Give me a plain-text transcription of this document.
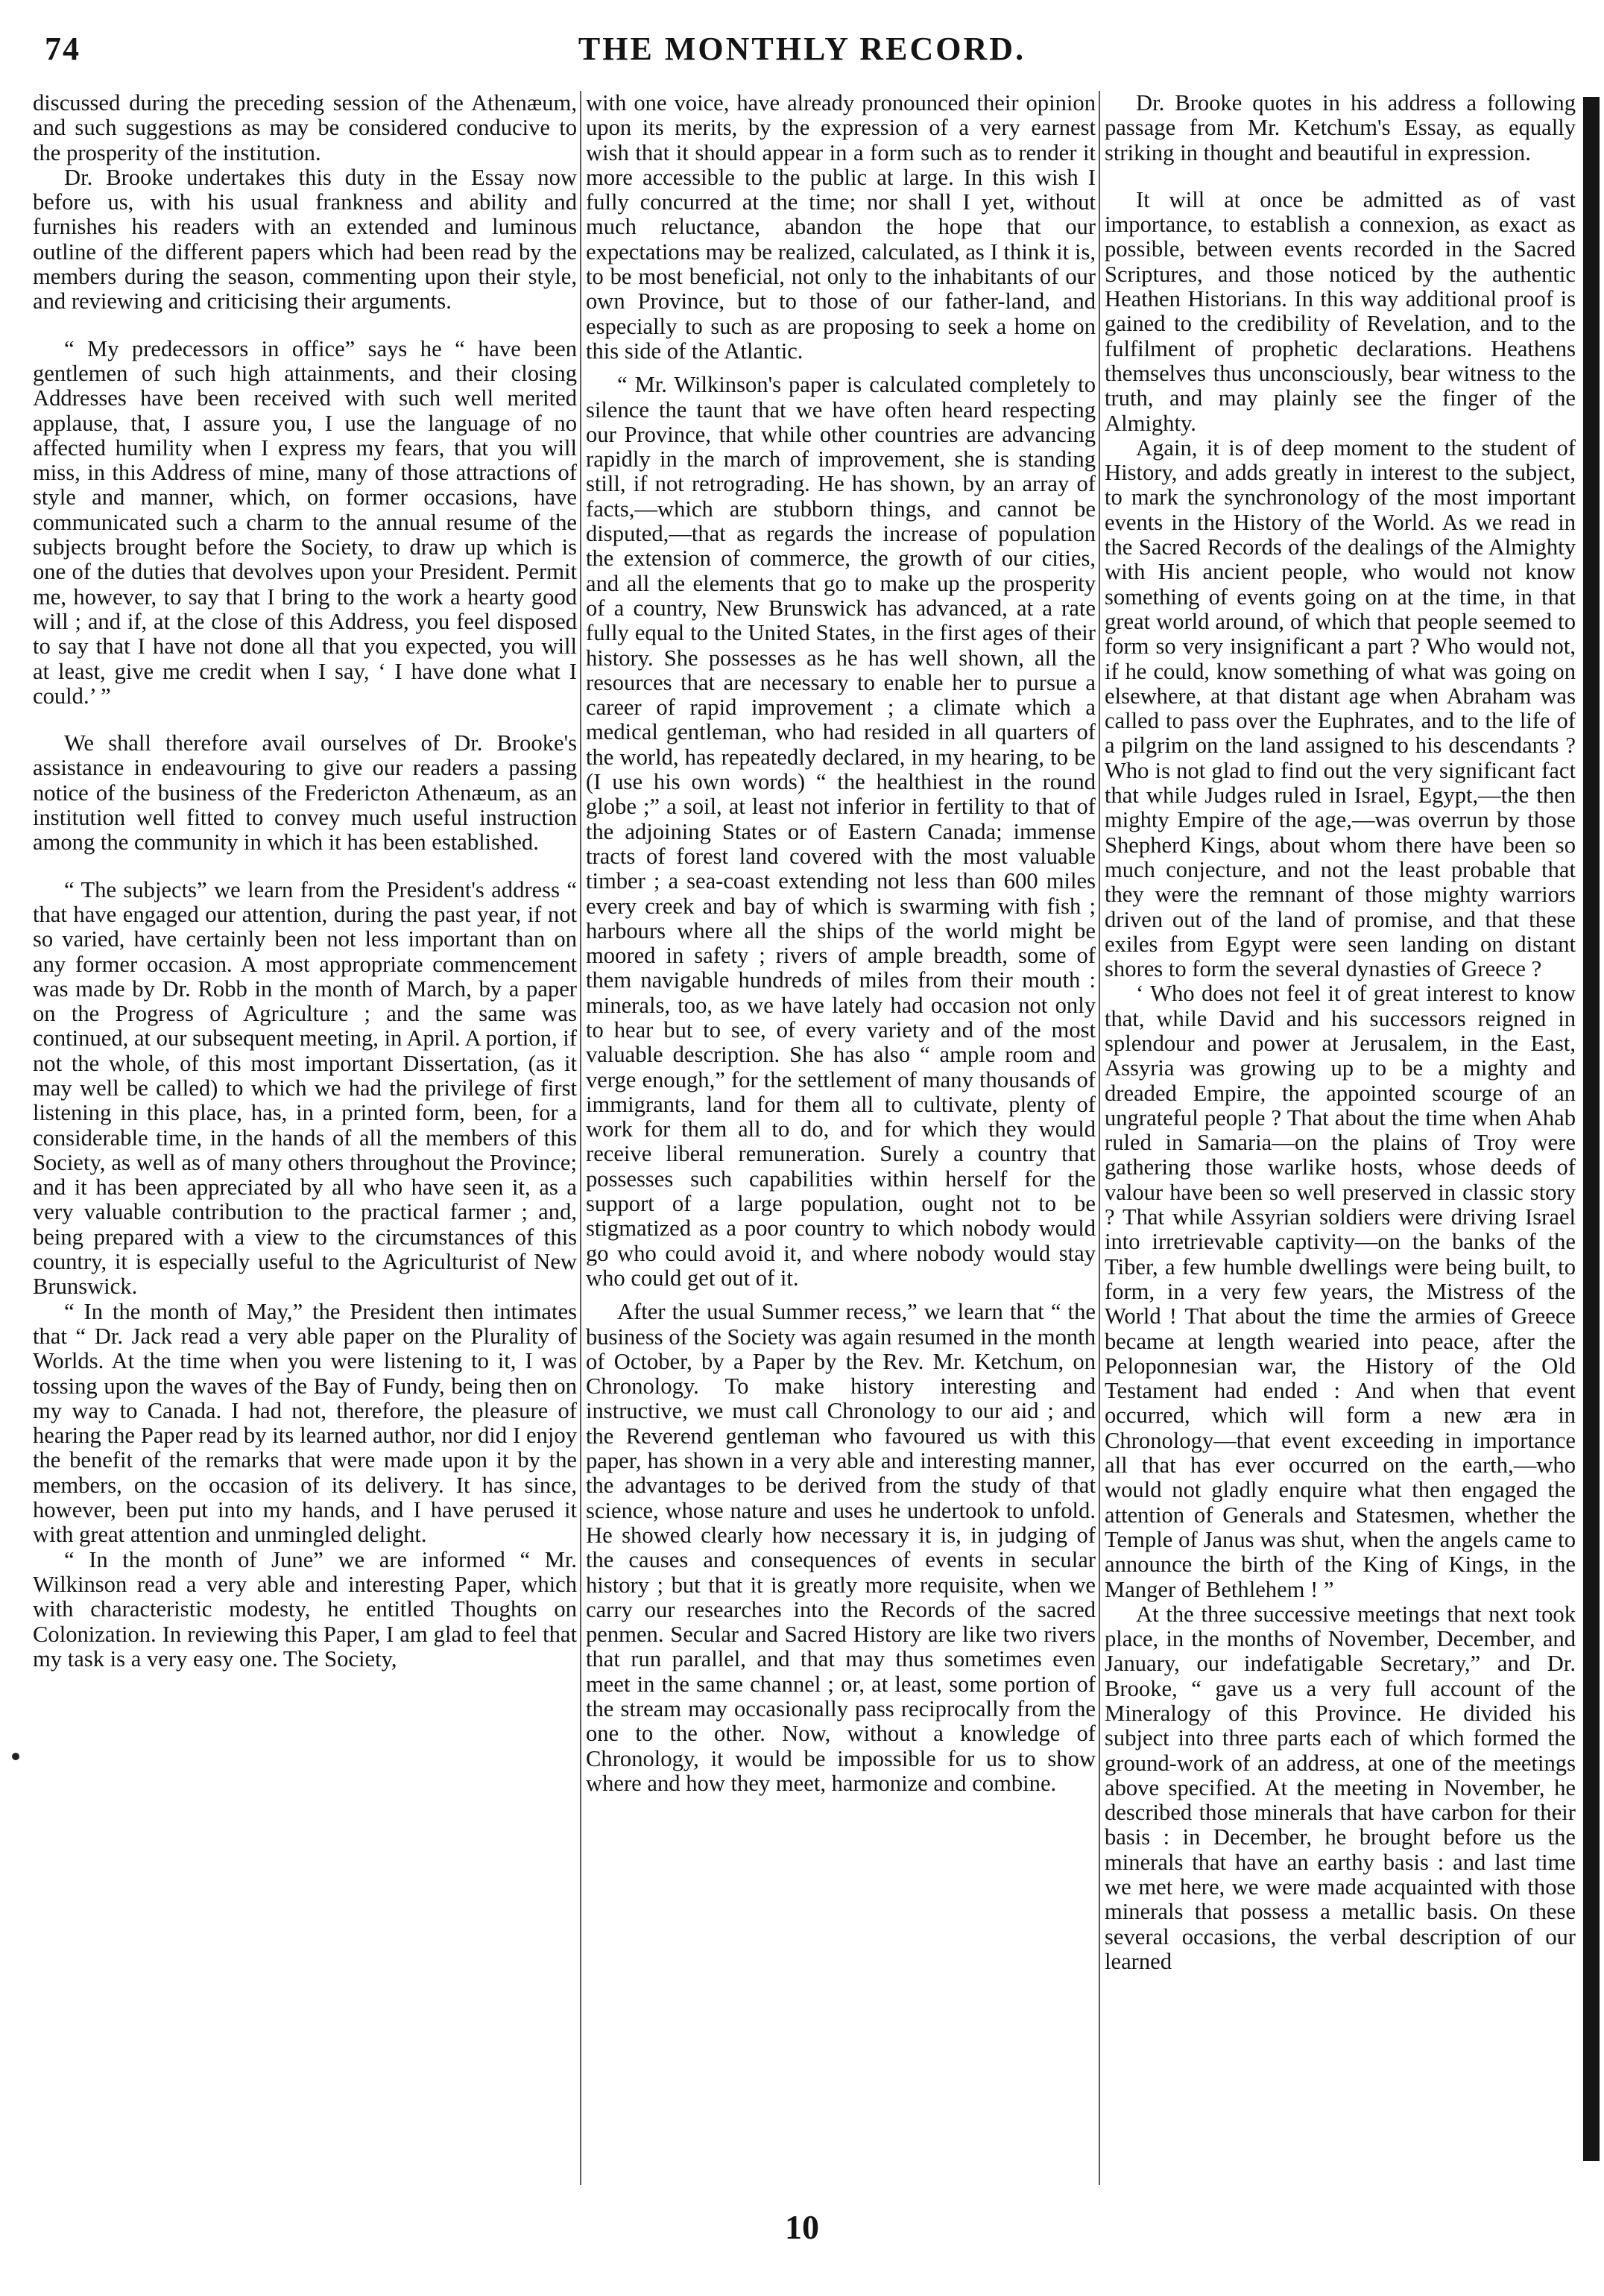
74	THE MONTHLY RECORD.

discussed during the preceding session of the Athenæum, and such suggestions as may be considered conducive to the prosperity of the institution.

Dr. Brooke undertakes this duty in the Essay now before us, with his usual frankness and ability and furnishes his readers with an extended and luminous outline of the different papers which had been read by the members during the season, commenting upon their style, and reviewing and criticising their arguments.

“ My predecessors in office” says he “ have been gentlemen of such high attainments, and their closing Addresses have been received with such well merited applause, that, I assure you, I use the language of no affected humility when I express my fears, that you will miss, in this Address of mine, many of those attractions of style and manner, which, on former occasions, have communicated such a charm to the annual resume of the subjects brought before the Society, to draw up which is one of the duties that devolves upon your President. Permit me, however, to say that I bring to the work a hearty good will ; and if, at the close of this Address, you feel disposed to say that I have not done all that you expected, you will at least, give me credit when I say, ‘ I have done what I could.’ ”

We shall therefore avail ourselves of Dr. Brooke's assistance in endeavouring to give our readers a passing notice of the business of the Fredericton Athenæum, as an institution well fitted to convey much useful instruction among the community in which it has been established.

“ The subjects” we learn from the President's address “ that have engaged our attention, during the past year, if not so varied, have certainly been not less important than on any former occasion. A most appropriate commencement was made by Dr. Robb in the month of March, by a paper on the Progress of Agriculture ; and the same was continued, at our subsequent meeting, in April. A portion, if not the whole, of this most important Dissertation, (as it may well be called) to which we had the privilege of first listening in this place, has, in a printed form, been, for a considerable time, in the hands of all the members of this Society, as well as of many others throughout the Province; and it has been appreciated by all who have seen it, as a very valuable contribution to the practical farmer ; and, being prepared with a view to the circumstances of this country, it is especially useful to the Agriculturist of New Brunswick.

“ In the month of May,” the President then intimates that “ Dr. Jack read a very able paper on the Plurality of Worlds. At the time when you were listening to it, I was tossing upon the waves of the Bay of Fundy, being then on my way to Canada. I had not, therefore, the pleasure of hearing the Paper read by its learned author, nor did I enjoy the benefit of the remarks that were made upon it by the members, on the occasion of its delivery. It has since, however, been put into my hands, and I have perused it with great attention and unmingled delight.

“ In the month of June” we are informed “ Mr. Wilkinson read a very able and interesting Paper, which with characteristic modesty, he entitled Thoughts on Colonization. In reviewing this Paper, I am glad to feel that my task is a very easy one. The Society,

with one voice, have already pronounced their opinion upon its merits, by the expression of a very earnest wish that it should appear in a form such as to render it more accessible to the public at large. In this wish I fully concurred at the time; nor shall I yet, without much reluctance, abandon the hope that our expectations may be realized, calculated, as I think it is, to be most beneficial, not only to the inhabitants of our own Province, but to those of our father-land, and especially to such as are proposing to seek a home on this side of the Atlantic.

“ Mr. Wilkinson's paper is calculated completely to silence the taunt that we have often heard respecting our Province, that while other countries are advancing rapidly in the march of improvement, she is standing still, if not retrograding. He has shown, by an array of facts,—which are stubborn things, and cannot be disputed,—that as regards the increase of population the extension of commerce, the growth of our cities, and all the elements that go to make up the prosperity of a country, New Brunswick has advanced, at a rate fully equal to the United States, in the first ages of their history. She possesses as he has well shown, all the resources that are necessary to enable her to pursue a career of rapid improvement ; a climate which a medical gentleman, who had resided in all quarters of the world, has repeatedly declared, in my hearing, to be (I use his own words) “ the healthiest in the round globe ;” a soil, at least not inferior in fertility to that of the adjoining States or of Eastern Canada; immense tracts of forest land covered with the most valuable timber ; a sea-coast extending not less than 600 miles every creek and bay of which is swarming with fish ; harbours where all the ships of the world might be moored in safety ; rivers of ample breadth, some of them navigable hundreds of miles from their mouth : minerals, too, as we have lately had occasion not only to hear but to see, of every variety and of the most valuable description. She has also “ ample room and verge enough,” for the settlement of many thousands of immigrants, land for them all to cultivate, plenty of work for them all to do, and for which they would receive liberal remuneration. Surely a country that possesses such capabilities within herself for the support of a large population, ought not to be stigmatized as a poor country to which nobody would go who could avoid it, and where nobody would stay who could get out of it.

After the usual Summer recess,” we learn that “ the business of the Society was again resumed in the month of October, by a Paper by the Rev. Mr. Ketchum, on Chronology. To make history interesting and instructive, we must call Chronology to our aid ; and the Reverend gentleman who favoured us with this paper, has shown in a very able and interesting manner, the advantages to be derived from the study of that science, whose nature and uses he undertook to unfold. He showed clearly how necessary it is, in judging of the causes and consequences of events in secular history ; but that it is greatly more requisite, when we carry our researches into the Records of the sacred penmen. Secular and Sacred History are like two rivers that run parallel, and that may thus sometimes even meet in the same channel ; or, at least, some portion of the stream may occasionally pass reciprocally from the one to the other. Now, without a knowledge of Chronology, it would be impossible for us to show where and how they meet, harmonize and combine.

Dr. Brooke quotes in his address a following passage from Mr. Ketchum's Essay, as equally striking in thought and beautiful in expression.

It will at once be admitted as of vast importance, to establish a connexion, as exact as possible, between events recorded in the Sacred Scriptures, and those noticed by the authentic Heathen Historians. In this way additional proof is gained to the credibility of Revelation, and to the fulfilment of prophetic declarations. Heathens themselves thus unconsciously, bear witness to the truth, and may plainly see the finger of the Almighty.

Again, it is of deep moment to the student of History, and adds greatly in interest to the subject, to mark the synchronology of the most important events in the History of the World. As we read in the Sacred Records of the dealings of the Almighty with His ancient people, who would not know something of events going on at the time, in that great world around, of which that people seemed to form so very insignificant a part ? Who would not, if he could, know something of what was going on elsewhere, at that distant age when Abraham was called to pass over the Euphrates, and to the life of a pilgrim on the land assigned to his descendants ? Who is not glad to find out the very significant fact that while Judges ruled in Israel, Egypt,—the then mighty Empire of the age,—was overrun by those Shepherd Kings, about whom there have been so much conjecture, and not the least probable that they were the remnant of those mighty warriors driven out of the land of promise, and that these exiles from Egypt were seen landing on distant shores to form the several dynasties of Greece ?

‘ Who does not feel it of great interest to know that, while David and his successors reigned in splendour and power at Jerusalem, in the East, Assyria was growing up to be a mighty and dreaded Empire, the appointed scourge of an ungrateful people ? That about the time when Ahab ruled in Samaria—on the plains of Troy were gathering those warlike hosts, whose deeds of valour have been so well preserved in classic story ? That while Assyrian soldiers were driving Israel into irretrievable captivity—on the banks of the Tiber, a few humble dwellings were being built, to form, in a very few years, the Mistress of the World ! That about the time the armies of Greece became at length wearied into peace, after the Peloponnesian war, the History of the Old Testament had ended : And when that event occurred, which will form a new æra in Chronology—that event exceeding in importance all that has ever occurred on the earth,—who would not gladly enquire what then engaged the attention of Generals and Statesmen, whether the Temple of Janus was shut, when the angels came to announce the birth of the King of Kings, in the Manger of Bethlehem ! ”

At the three successive meetings that next took place, in the months of November, December, and January, our indefatigable Secretary,” and Dr. Brooke, “ gave us a very full account of the Mineralogy of this Province. He divided his subject into three parts each of which formed the ground-work of an address, at one of the meetings above specified. At the meeting in November, he described those minerals that have carbon for their basis : in December, he brought before us the minerals that have an earthy basis : and last time we met here, we were made acquainted with those minerals that possess a metallic basis. On these several occasions, the verbal description of our learned

10
